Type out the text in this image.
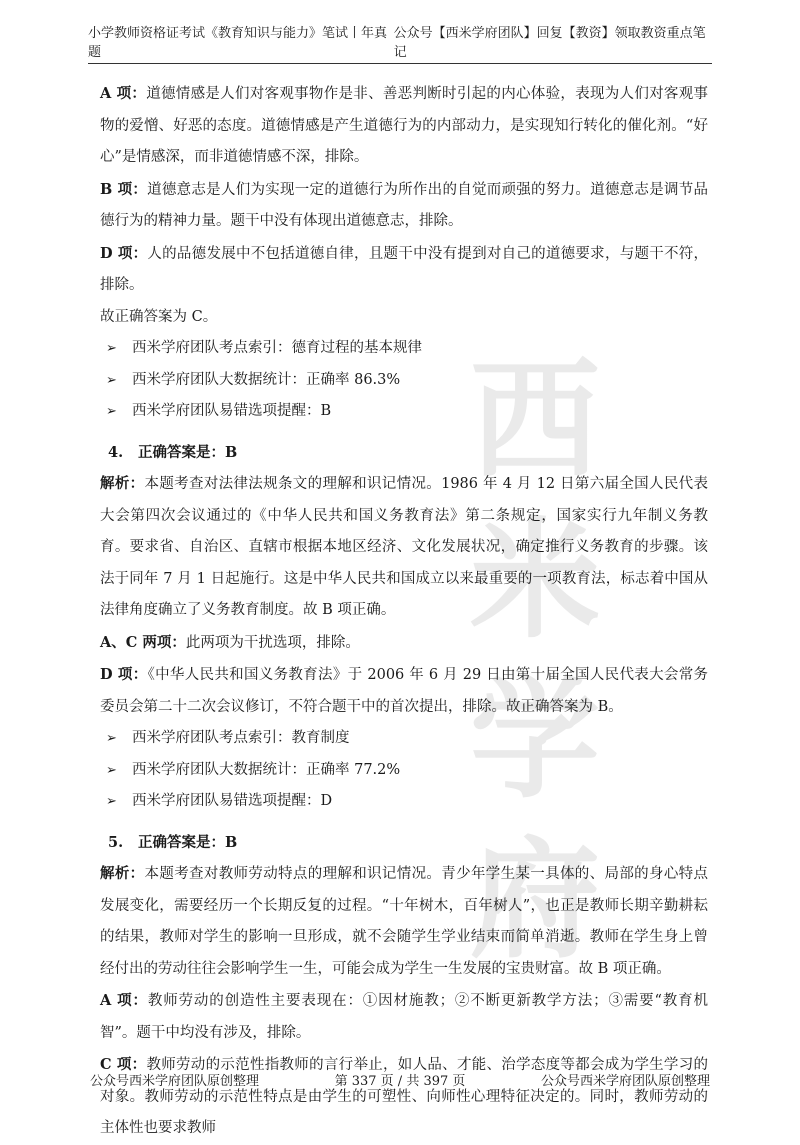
小学教师资格证考试《教育知识与能力》笔试丨年真题
公众号【西米学府团队】回复【教资】领取教资重点笔记
西米学府

A 项：道德情感是人们对客观事物作是非、善恶判断时引起的内心体验，表现为人们对客观事物的爱憎、好恶的态度。道德情感是产生道德行为的内部动力，是实现知行转化的催化剂。“好心”是情感深，而非道德情感不深，排除。

B 项：道德意志是人们为实现一定的道德行为所作出的自觉而顽强的努力。道德意志是调节品德行为的精神力量。题干中没有体现出道德意志，排除。

D 项：人的品德发展中不包括道德自律，且题干中没有提到对自己的道德要求，与题干不符，排除。

故正确答案为 C。

➢	西米学府团队考点索引：德育过程的基本规律
➢	西米学府团队大数据统计：正确率 86.3%
➢	西米学府团队易错选项提醒：B
4. 正确答案是：B

解析：本题考查对法律法规条文的理解和识记情况。1986 年 4 月 12 日第六届全国人民代表大会第四次会议通过的《中华人民共和国义务教育法》第二条规定，国家实行九年制义务教育。要求省、自治区、直辖市根据本地区经济、文化发展状况，确定推行义务教育的步骤。该法于同年 7 月 1 日起施行。这是中华人民共和国成立以来最重要的一项教育法，标志着中国从法律角度确立了义务教育制度。故 B 项正确。

A、C 两项：此两项为干扰选项，排除。

D 项：《中华人民共和国义务教育法》于 2006 年 6 月 29 日由第十届全国人民代表大会常务委员会第二十二次会议修订，不符合题干中的首次提出，排除。故正确答案为 B。

➢	西米学府团队考点索引：教育制度
➢	西米学府团队大数据统计：正确率 77.2%
➢	西米学府团队易错选项提醒：D
5. 正确答案是：B

解析：本题考查对教师劳动特点的理解和识记情况。青少年学生某一具体的、局部的身心特点发展变化，需要经历一个长期反复的过程。“十年树木，百年树人”，也正是教师长期辛勤耕耘的结果，教师对学生的影响一旦形成，就不会随学生学业结束而简单消逝。教师在学生身上曾经付出的劳动往往会影响学生一生，可能会成为学生一生发展的宝贵财富。故 B 项正确。

A 项：教师劳动的创造性主要表现在：①因材施教；②不断更新教学方法；③需要“教育机智”。题干中均没有涉及，排除。

C 项：教师劳动的示范性指教师的言行举止，如人品、才能、治学态度等都会成为学生学习的对象。教师劳动的示范性特点是由学生的可塑性、向师性心理特征决定的。同时，教师劳动的主体性也要求教师

公众号西米学府团队原创整理	第 337 页 / 共 397 页	公众号西米学府团队原创整理
